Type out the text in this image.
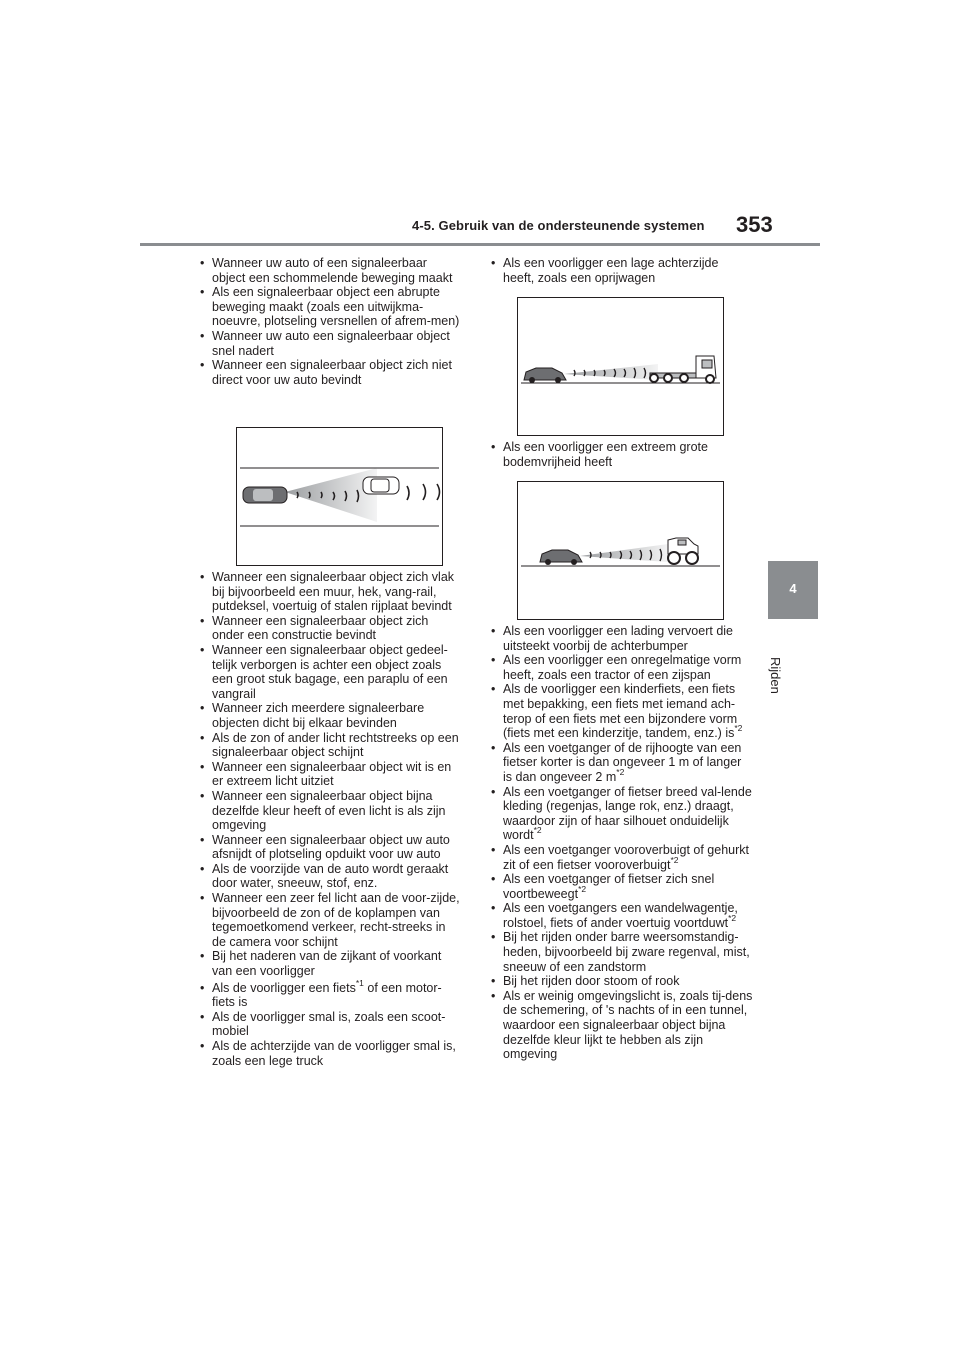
4-5. Gebruik van de ondersteunende systemen 353
4
Rijden
• Wanneer uw auto of een signaleerbaar object een schommelende beweging maakt
• Als een signaleerbaar object een abrupte beweging maakt (zoals een uitwijkma-noeuvre, plotseling versnellen of afrem-men)
• Wanneer uw auto een signaleerbaar object snel nadert
• Wanneer een signaleerbaar object zich niet direct voor uw auto bevindt
• Wanneer een signaleerbaar object zich vlak bij bijvoorbeeld een muur, hek, vang-rail, putdeksel, voertuig of stalen rijplaat bevindt
• Wanneer een signaleerbaar object zich onder een constructie bevindt
• Wanneer een signaleerbaar object gedeel-telijk verborgen is achter een object zoals een groot stuk bagage, een paraplu of een vangrail
• Wanneer zich meerdere signaleerbare objecten dicht bij elkaar bevinden
• Als de zon of ander licht rechtstreeks op een signaleerbaar object schijnt
• Wanneer een signaleerbaar object wit is en er extreem licht uitziet
• Wanneer een signaleerbaar object bijna dezelfde kleur heeft of even licht is als zijn omgeving
• Wanneer een signaleerbaar object uw auto afsnijdt of plotseling opduikt voor uw auto
• Als de voorzijde van de auto wordt geraakt door water, sneeuw, stof, enz.
• Wanneer een zeer fel licht aan de voor-zijde, bijvoorbeeld de zon of de koplampen van tegemoetkomend verkeer, recht-streeks in de camera voor schijnt
• Bij het naderen van de zijkant of voorkant van een voorligger
• Als de voorligger een fiets$^{*1}$ of een motor-fiets is
• Als de voorligger smal is, zoals een scoot-mobiel
• Als de achterzijde van de voorligger smal is, zoals een lege truck
• Als een voorligger een lage achterzijde heeft, zoals een oprijwagen
• Als een voorligger een extreem grote bodemvrijheid heeft
• Als een voorligger een lading vervoert die uitsteekt voorbij de achterbumper
• Als een voorligger een onregelmatige vorm heeft, zoals een tractor of een zijspan
• Als de voorligger een kinderfiets, een fiets met bepakking, een fiets met iemand ach-terop of een fiets met een bijzondere vorm (fiets met een kinderzitje, tandem, enz.) $is^{*2}$
• Als een voetganger of de rijhoogte van een fietser korter is dan ongeveer 1 m of langer is dan ongeveer 2 $m^{*2}$
• Als een voetganger of fietser breed val-lende kleding (regenjas, lange rok, enz.) draagt, waardoor zijn of haar silhouet onduidelijk wordt$^{*2}$
• Als een voetganger vooroverbuigt of gehurkt zit of een fietser vooroverbuigt$^{*2}$
• Als een voetganger of fietser zich snel voortbeweegt$^{*2}$
• Als een voetgangers een wandelwagentje, rolstoel, fiets of ander voertuig voortduwt$^{*2}$
• Bij het rijden onder barre weersomstandig-heden, bijvoorbeeld bij zware regenval, mist, sneeuw of een zandstorm
• Bij het rijden door stoom of rook
• Als er weinig omgevingslicht is, zoals tij-dens de schemering, of 's nachts of in een tunnel, waardoor een signaleerbaar object bijna dezelfde kleur lijkt te hebben als zijn omgeving
